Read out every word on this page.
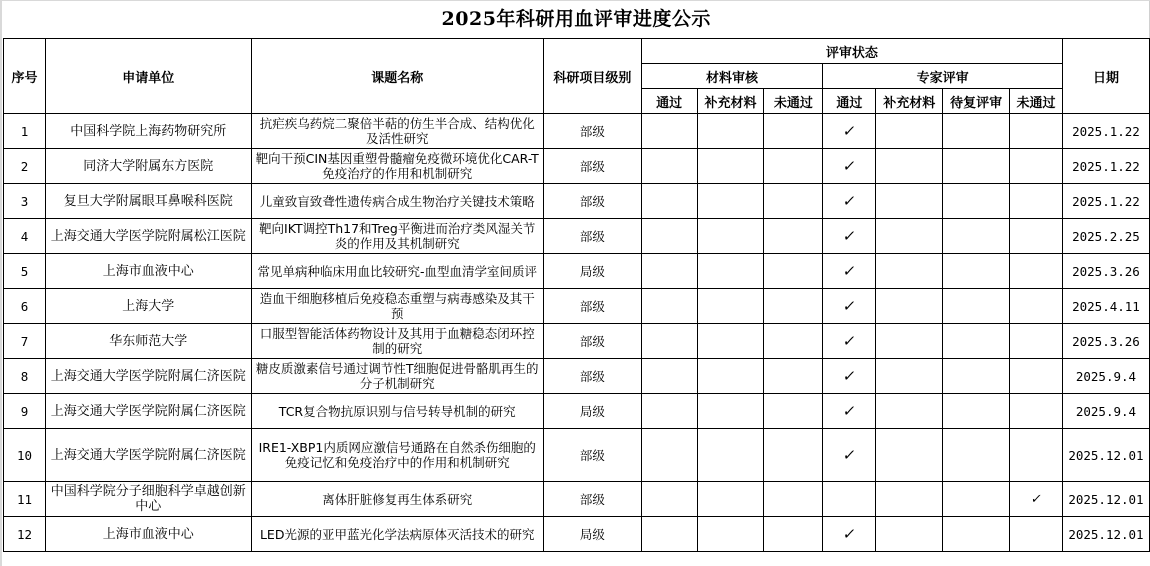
2025年科研用血评审进度公示											
序号	申请单位	课题名称	科研项目级别	评审状态							日期
				材料审核			专家评审				
				通过	补充材料	未通过	通过	补充材料	待复评审	未通过	
1	中国科学院上海药物研究所	抗疟疾乌药烷二聚倍半萜的仿生半合成、结构优化及活性研究	部级				✓				2025.1.22
2	同济大学附属东方医院	靶向干预CIN基因重塑骨髓瘤免疫微环境优化CAR-T免疫治疗的作用和机制研究	部级				✓				2025.1.22
3	复旦大学附属眼耳鼻喉科医院	儿童致盲致聋性遗传病合成生物治疗关键技术策略	部级				✓				2025.1.22
4	上海交通大学医学院附属松江医院	靶向IKT调控Th17和Treg平衡进而治疗类风湿关节炎的作用及其机制研究	部级				✓				2025.2.25
5	上海市血液中心	常见单病种临床用血比较研究-血型血清学室间质评	局级				✓				2025.3.26
6	上海大学	造血干细胞移植后免疫稳态重塑与病毒感染及其干预	部级				✓				2025.4.11
7	华东师范大学	口服型智能活体药物设计及其用于血糖稳态闭环控制的研究	部级				✓				2025.3.26
8	上海交通大学医学院附属仁济医院	糖皮质激素信号通过调节性T细胞促进骨骼肌再生的分子机制研究	部级				✓				2025.9.4
9	上海交通大学医学院附属仁济医院	TCR复合物抗原识别与信号转导机制的研究	局级				✓				2025.9.4
10	上海交通大学医学院附属仁济医院	IRE1-XBP1内质网应激信号通路在自然杀伤细胞的免疫记忆和免疫治疗中的作用和机制研究	部级				✓				2025.12.01
11	中国科学院分子细胞科学卓越创新中心	离体肝脏修复再生体系研究	部级							✓	2025.12.01
12	上海市血液中心	LED光源的亚甲蓝光化学法病原体灭活技术的研究	局级				✓				2025.12.01
